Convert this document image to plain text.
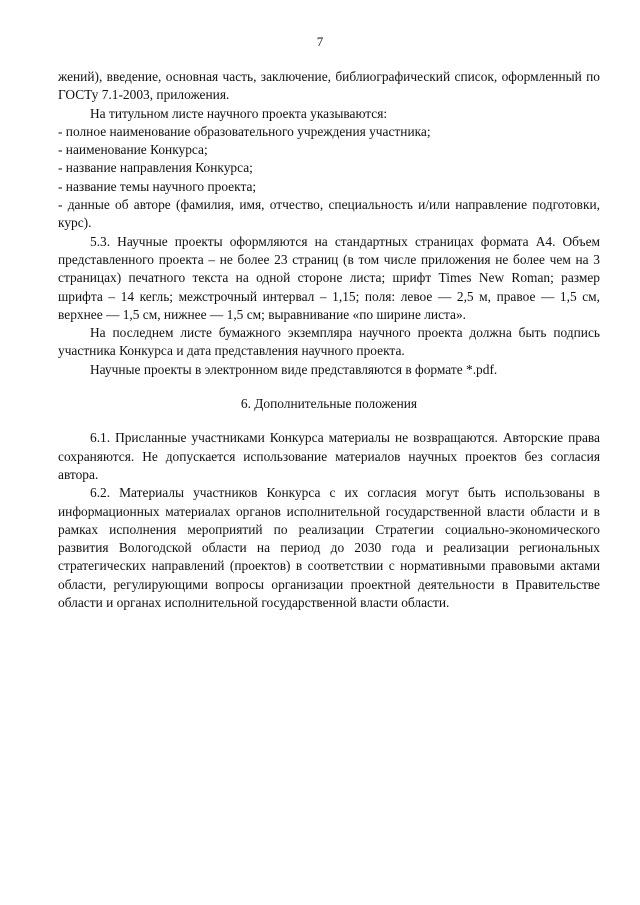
7

жений), введение, основная часть, заключение, библиографический список, оформленный по ГОСТу 7.1-2003, приложения.

На титульном листе научного проекта указываются:

- полное наименование образовательного учреждения участника;
- наименование Конкурса;
- название направления Конкурса;
- название темы научного проекта;
- данные об авторе (фамилия, имя, отчество, специальность и/или направление подготовки, курс).

5.3. Научные проекты оформляются на стандартных страницах формата А4. Объем представленного проекта – не более 23 страниц (в том числе приложения не более чем на 3 страницах) печатного текста на одной стороне листа; шрифт Times New Roman; размер шрифта – 14 кегль; межстрочный интервал – 1,15; поля: левое — 2,5 м, правое — 1,5 см, верхнее — 1,5 см, нижнее — 1,5 см; выравнивание «по ширине листа».

На последнем листе бумажного экземпляра научного проекта должна быть подпись участника Конкурса и дата представления научного проекта.

Научные проекты в электронном виде представляются в формате *.pdf.

6. Дополнительные положения

6.1. Присланные участниками Конкурса материалы не возвращаются. Авторские права сохраняются. Не допускается использование материалов научных проектов без согласия автора.

6.2. Материалы участников Конкурса с их согласия могут быть использованы в информационных материалах органов исполнительной государственной власти области и в рамках исполнения мероприятий по реализации Стратегии социально-экономического развития Вологодской области на период до 2030 года и реализации региональных стратегических направлений (проектов) в соответствии с нормативными правовыми актами области, регулирующими вопросы организации проектной деятельности в Правительстве области и органах исполнительной государственной власти области.
